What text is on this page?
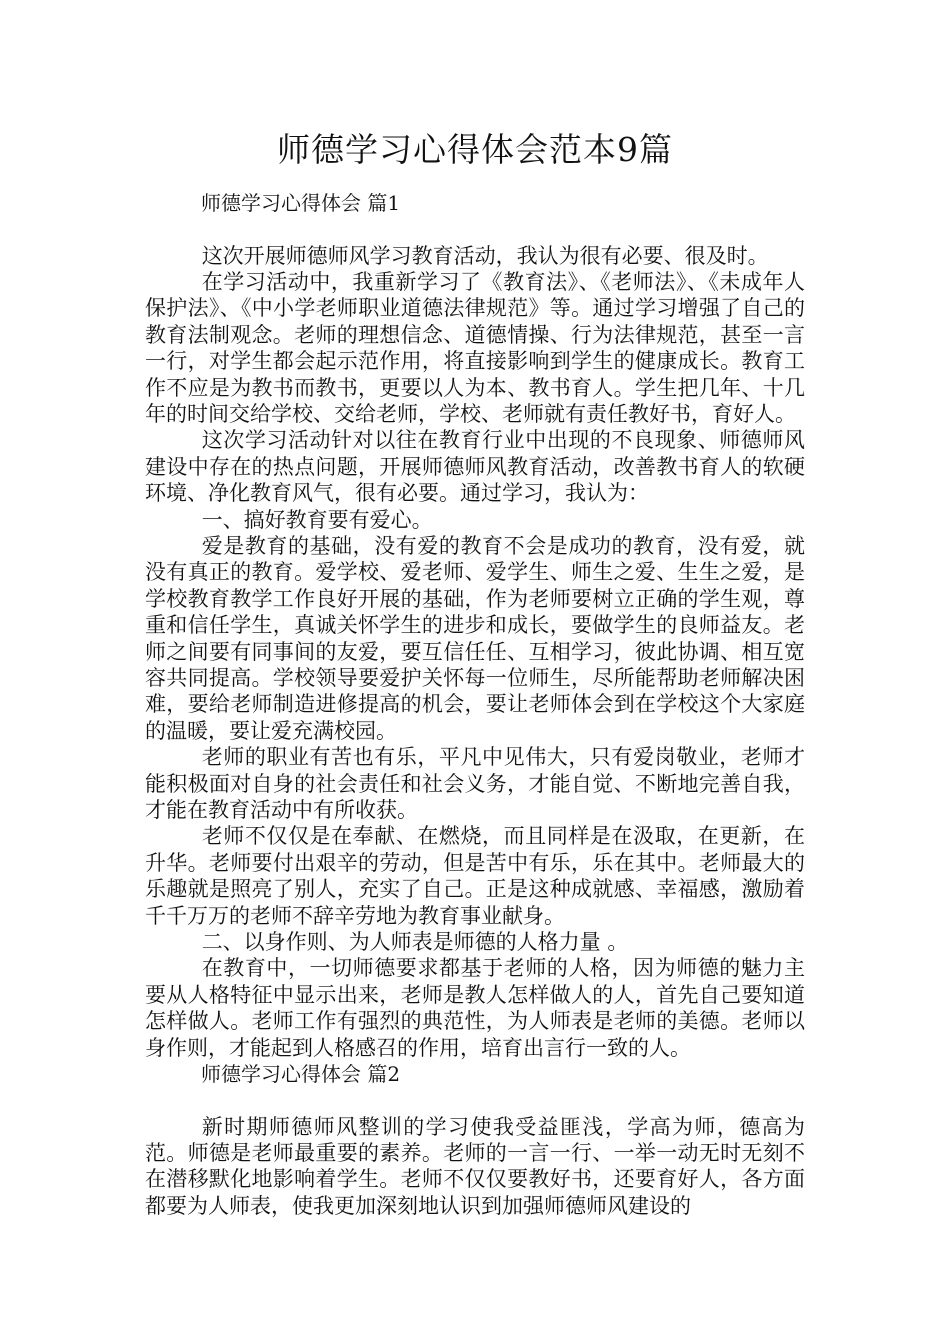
师德学习心得体会范本9篇
师德学习心得体会 篇1

这次开展师德师风学习教育活动，我认为很有必要、很及时。

在学习活动中，我重新学习了《教育法》、《老师法》、《未成年人保护法》、《中小学老师职业道德法律规范》等。通过学习增强了自己的教育法制观念。老师的理想信念、道德情操、行为法律规范，甚至一言一行，对学生都会起示范作用，将直接影响到学生的健康成长。教育工作不应是为教书而教书，更要以人为本、教书育人。学生把几年、十几年的时间交给学校、交给老师，学校、老师就有责任教好书，育好人。

这次学习活动针对以往在教育行业中出现的不良现象、师德师风建设中存在的热点问题，开展师德师风教育活动，改善教书育人的软硬环境、净化教育风气，很有必要。通过学习，我认为：

一、搞好教育要有爱心。

爱是教育的基础，没有爱的教育不会是成功的教育，没有爱，就没有真正的教育。爱学校、爱老师、爱学生、师生之爱、生生之爱，是学校教育教学工作良好开展的基础，作为老师要树立正确的学生观，尊重和信任学生，真诚关怀学生的进步和成长，要做学生的良师益友。老师之间要有同事间的友爱，要互信任任、互相学习，彼此协调、相互宽容共同提高。学校领导要爱护关怀每一位师生，尽所能帮助老师解决困难，要给老师制造进修提高的机会，要让老师体会到在学校这个大家庭的温暖，要让爱充满校园。

老师的职业有苦也有乐，平凡中见伟大，只有爱岗敬业，老师才能积极面对自身的社会责任和社会义务，才能自觉、不断地完善自我，才能在教育活动中有所收获。

老师不仅仅是在奉献、在燃烧，而且同样是在汲取，在更新，在升华。老师要付出艰辛的劳动，但是苦中有乐，乐在其中。老师最大的乐趣就是照亮了别人，充实了自己。正是这种成就感、幸福感，激励着千千万万的老师不辞辛劳地为教育事业献身。

二、以身作则、为人师表是师德的人格力量 。

在教育中，一切师德要求都基于老师的人格，因为师德的魅力主要从人格特征中显示出来，老师是教人怎样做人的人，首先自己要知道怎样做人。老师工作有强烈的典范性，为人师表是老师的美德。老师以身作则，才能起到人格感召的作用，培育出言行一致的人。

师德学习心得体会 篇2

新时期师德师风整训的学习使我受益匪浅，学高为师，德高为范。师德是老师最重要的素养。老师的一言一行、一举一动无时无刻不在潜移默化地影响着学生。老师不仅仅要教好书，还要育好人，各方面都要为人师表，使我更加深刻地认识到加强师德师风建设的
